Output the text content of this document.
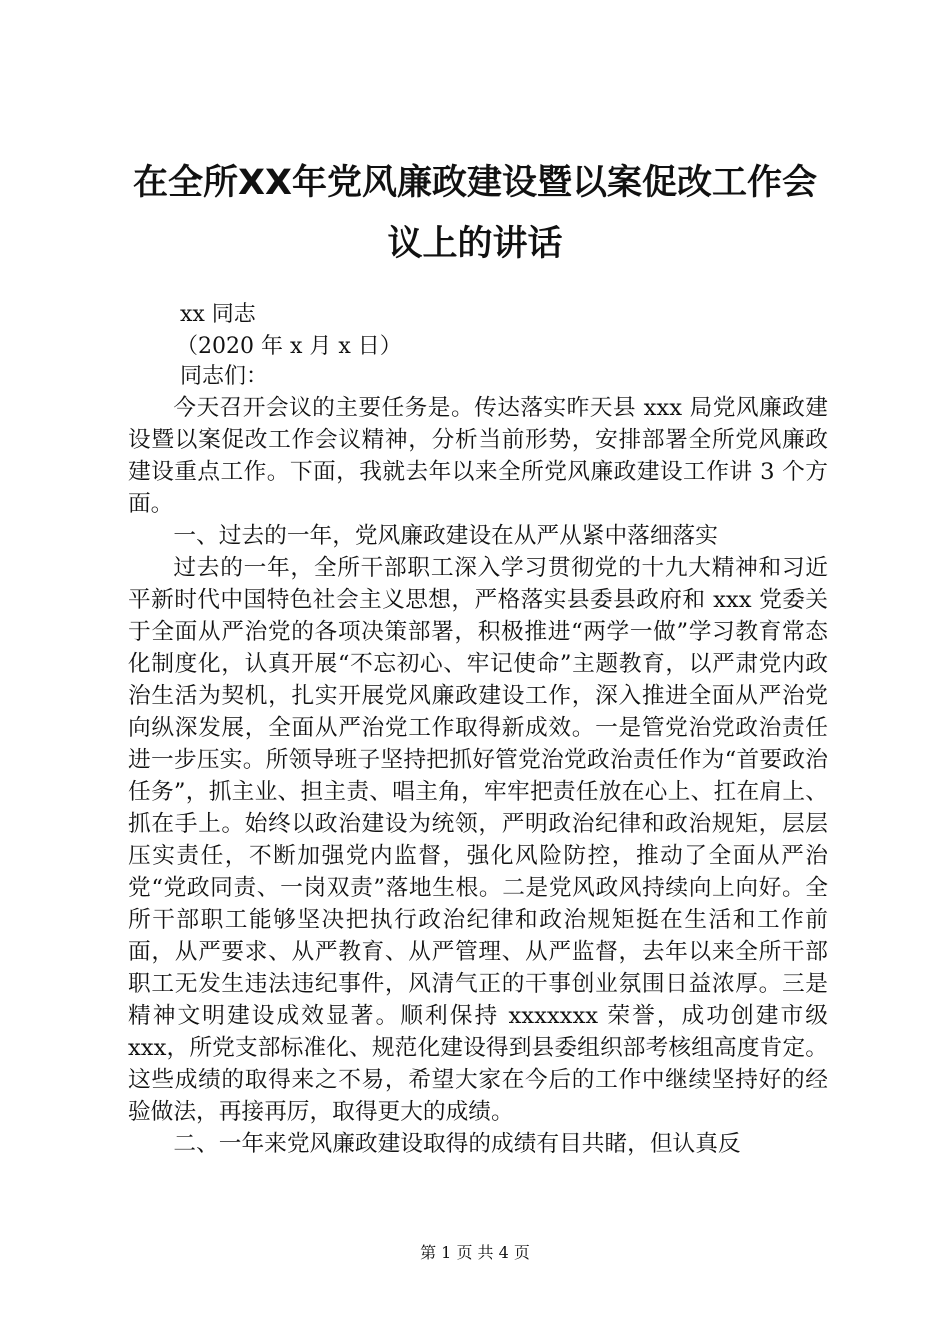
在全所XX年党风廉政建设暨以案促改工作会
议上的讲话

xx 同志

（2020 年 x 月 x 日）

同志们：

今天召开会议的主要任务是。传达落实昨天县 xxx 局党风廉政建设暨以案促改工作会议精神，分析当前形势，安排部署全所党风廉政建设重点工作。下面，我就去年以来全所党风廉政建设工作讲 3 个方面。

一、过去的一年，党风廉政建设在从严从紧中落细落实

过去的一年，全所干部职工深入学习贯彻党的十九大精神和习近平新时代中国特色社会主义思想，严格落实县委县政府和 xxx 党委关于全面从严治党的各项决策部署，积极推进“两学一做”学习教育常态化制度化，认真开展“不忘初心、牢记使命”主题教育，以严肃党内政治生活为契机，扎实开展党风廉政建设工作，深入推进全面从严治党向纵深发展，全面从严治党工作取得新成效。一是管党治党政治责任进一步压实。所领导班子坚持把抓好管党治党政治责任作为“首要政治任务”，抓主业、担主责、唱主角，牢牢把责任放在心上、扛在肩上、抓在手上。始终以政治建设为统领，严明政治纪律和政治规矩，层层压实责任，不断加强党内监督，强化风险防控，推动了全面从严治党“党政同责、一岗双责”落地生根。二是党风政风持续向上向好。全所干部职工能够坚决把执行政治纪律和政治规矩挺在生活和工作前面，从严要求、从严教育、从严管理、从严监督，去年以来全所干部职工无发生违法违纪事件，风清气正的干事创业氛围日益浓厚。三是精神文明建设成效显著。顺利保持 xxxxxxx 荣誉，成功创建市级 xxx，所党支部标准化、规范化建设得到县委组织部考核组高度肯定。这些成绩的取得来之不易，希望大家在今后的工作中继续坚持好的经验做法，再接再厉，取得更大的成绩。

二、一年来党风廉政建设取得的成绩有目共睹，但认真反

第 1 页 共 4 页
